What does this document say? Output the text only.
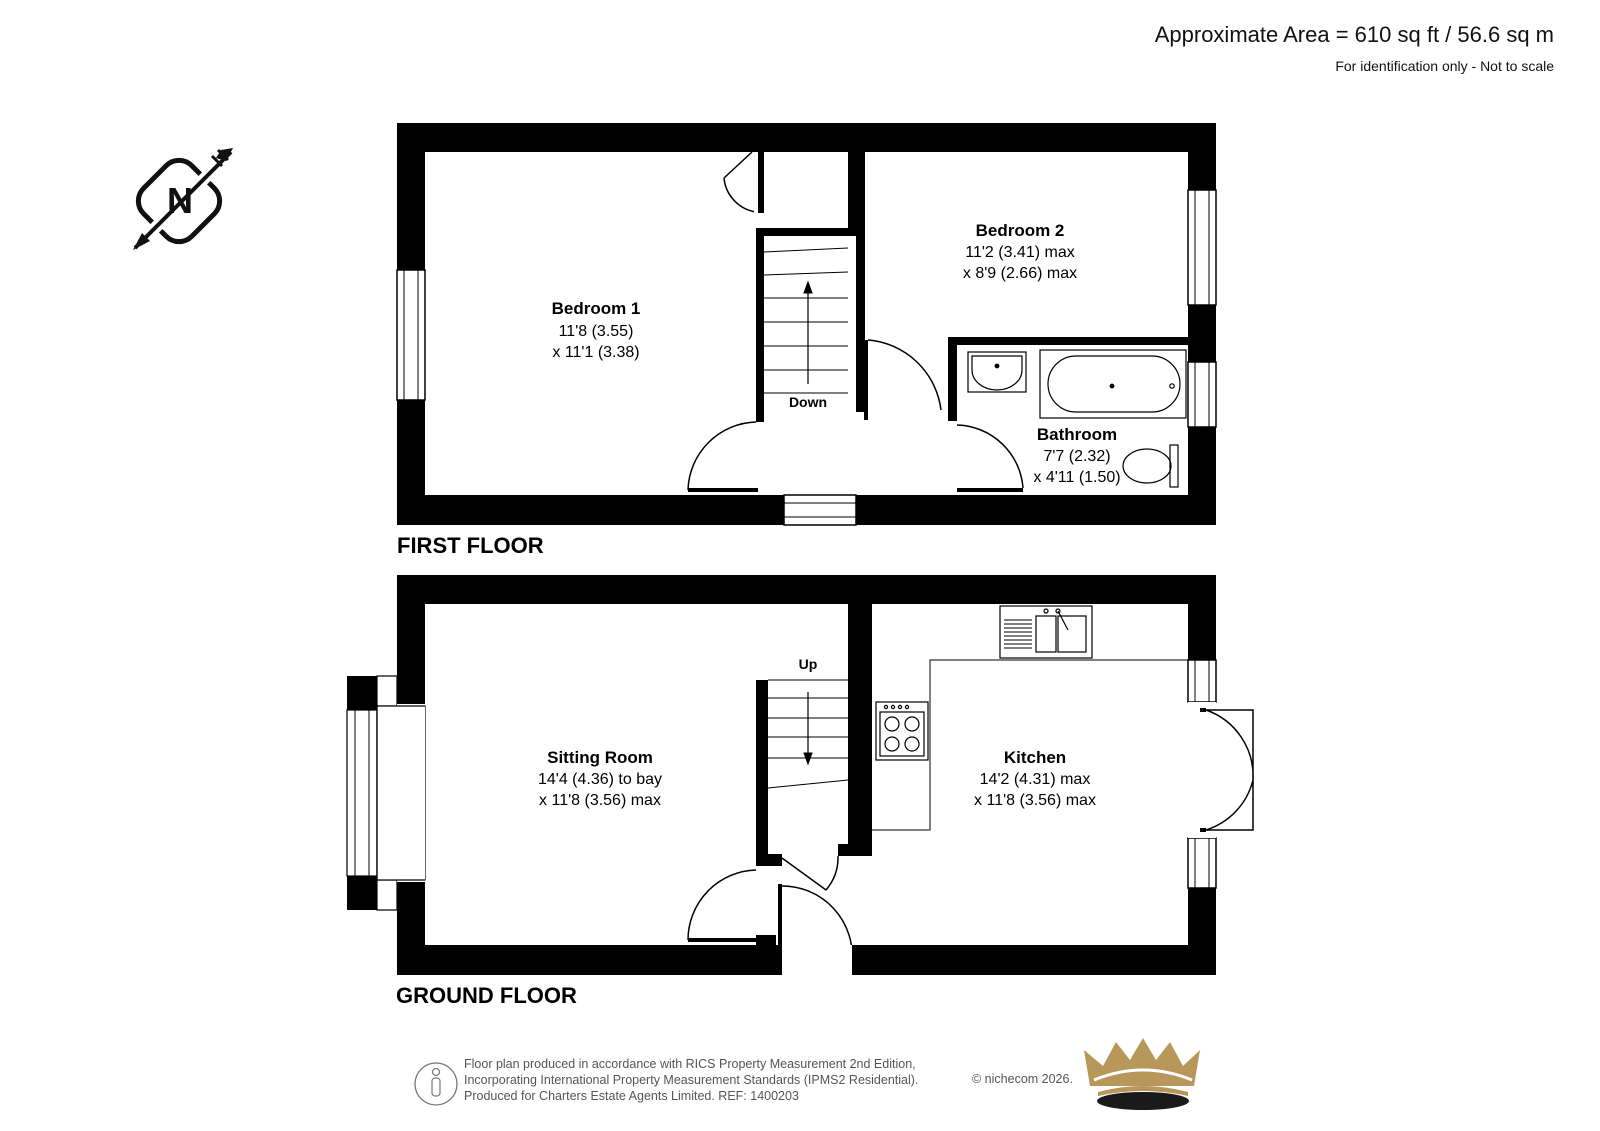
Approximate Area = 610 sq ft / 56.6 sq m
For identification only - Not to scale
N
Bedroom 1
11'8 (3.55)
x 11'1 (3.38)
Bedroom 2
11'2 (3.41) max
x 8'9 (2.66) max
Bathroom
7'7 (2.32)
x 4'11 (1.50)
Down
FIRST FLOOR
Sitting Room
14'4 (4.36) to bay
x 11'8 (3.56) max
Kitchen
14'2 (4.31) max
x 11'8 (3.56) max
Up
GROUND FLOOR
Floor plan produced in accordance with RICS Property Measurement 2nd Edition,
Incorporating International Property Measurement Standards (IPMS2 Residential).
Produced for Charters Estate Agents Limited. REF: 1400203
© nichecom 2026.
